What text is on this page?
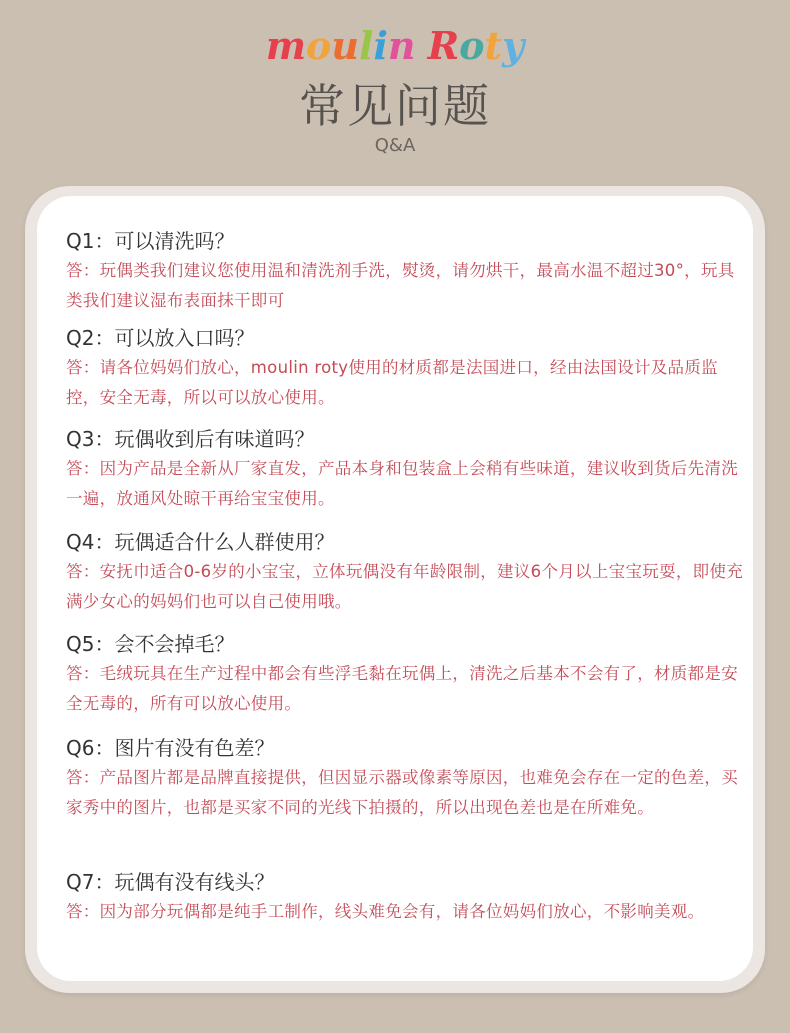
moulin Roty
常见问题
Q&A
Q1：可以清洗吗？
答：玩偶类我们建议您使用温和清洗剂手洗，熨烫，请勿烘干，最高水温不超过30°，玩具类我们建议湿布表面抹干即可
Q2：可以放入口吗？
答：请各位妈妈们放心，moulin roty使用的材质都是法国进口，经由法国设计及品质监控，安全无毒，所以可以放心使用。
Q3：玩偶收到后有味道吗？
答：因为产品是全新从厂家直发，产品本身和包装盒上会稍有些味道，建议收到货后先清洗一遍，放通风处晾干再给宝宝使用。
Q4：玩偶适合什么人群使用？
答：安抚巾适合0-6岁的小宝宝，立体玩偶没有年龄限制，建议6个月以上宝宝玩耍，即使充满少女心的妈妈们也可以自己使用哦。
Q5：会不会掉毛？
答：毛绒玩具在生产过程中都会有些浮毛黏在玩偶上，清洗之后基本不会有了，材质都是安全无毒的，所有可以放心使用。
Q6：图片有没有色差？
答：产品图片都是品牌直接提供，但因显示器或像素等原因，也难免会存在一定的色差，买家秀中的图片，也都是买家不同的光线下拍摄的，所以出现色差也是在所难免。
Q7：玩偶有没有线头？
答：因为部分玩偶都是纯手工制作，线头难免会有，请各位妈妈们放心，不影响美观。
